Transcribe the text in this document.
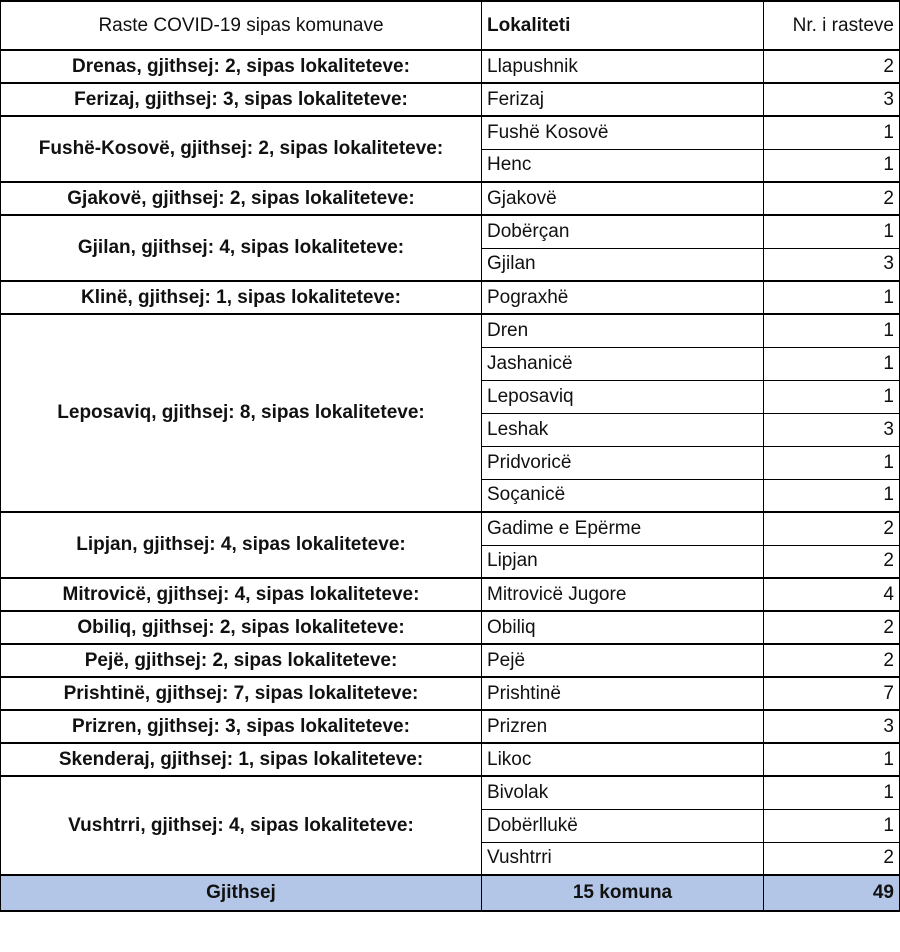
Raste COVID-19 sipas komunave	Lokaliteti	Nr. i rasteve
Drenas, gjithsej: 2, sipas lokaliteteve:	Llapushnik	2
Ferizaj, gjithsej: 3, sipas lokaliteteve:	Ferizaj	3
Fushë-Kosovë, gjithsej: 2, sipas lokaliteteve:	Fushë Kosovë	1
	Henc	1
Gjakovë, gjithsej: 2, sipas lokaliteteve:	Gjakovë	2
Gjilan, gjithsej: 4, sipas lokaliteteve:	Dobërçan	1
	Gjilan	3
Klinë, gjithsej: 1, sipas lokaliteteve:	Pograxhë	1
Leposaviq, gjithsej: 8, sipas lokaliteteve:	Dren	1
	Jashanicë	1
	Leposaviq	1
	Leshak	3
	Pridvoricë	1
	Soçanicë	1
Lipjan, gjithsej: 4, sipas lokaliteteve:	Gadime e Epërme	2
	Lipjan	2
Mitrovicë, gjithsej: 4, sipas lokaliteteve:	Mitrovicë Jugore	4
Obiliq, gjithsej: 2, sipas lokaliteteve:	Obiliq	2
Pejë, gjithsej: 2, sipas lokaliteteve:	Pejë	2
Prishtinë, gjithsej: 7, sipas lokaliteteve:	Prishtinë	7
Prizren, gjithsej: 3, sipas lokaliteteve:	Prizren	3
Skenderaj, gjithsej: 1, sipas lokaliteteve:	Likoc	1
Vushtrri, gjithsej: 4, sipas lokaliteteve:	Bivolak	1
	Dobërllukë	1
	Vushtrri	2
Gjithsej	15 komuna	49
